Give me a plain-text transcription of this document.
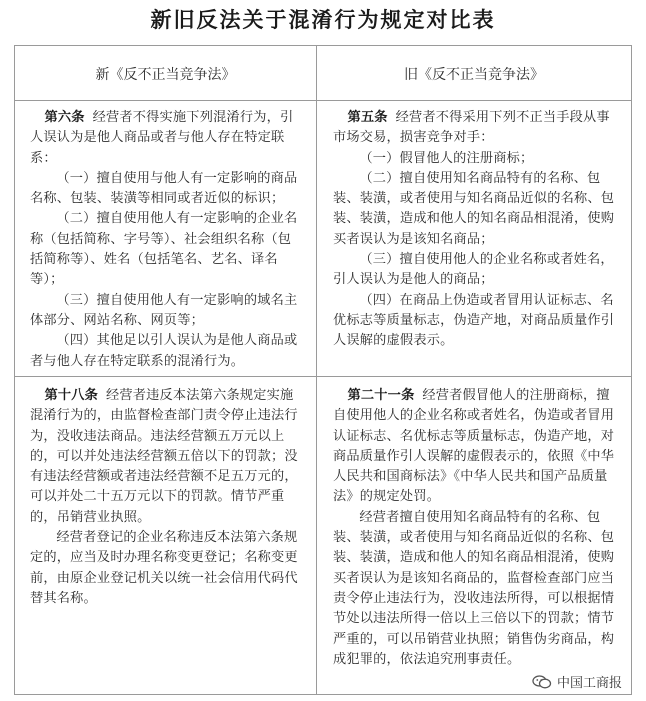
新旧反法关于混淆行为规定对比表
新《反不正当竞争法》	旧《反不正当竞争法》

第六条 经营者不得实施下列混淆行为，引人误认为是他人商品或者与他人存在特定联系：

（一）擅自使用与他人有一定影响的商品名称、包装、装潢等相同或者近似的标识；

（二）擅自使用他人有一定影响的企业名称（包括简称、字号等）、社会组织名称（包括简称等）、姓名（包括笔名、艺名、译名等）；

（三）擅自使用他人有一定影响的域名主体部分、网站名称、网页等；

（四）其他足以引人误认为是他人商品或者与他人存在特定联系的混淆行为。

第五条 经营者不得采用下列不正当手段从事市场交易，损害竞争对手：

（一）假冒他人的注册商标；

（二）擅自使用知名商品特有的名称、包装、装潢，或者使用与知名商品近似的名称、包装、装潢，造成和他人的知名商品相混淆，使购买者误认为是该知名商品；

（三）擅自使用他人的企业名称或者姓名，引人误认为是他人的商品；

（四）在商品上伪造或者冒用认证标志、名优标志等质量标志，伪造产地，对商品质量作引人误解的虚假表示。

第十八条 经营者违反本法第六条规定实施混淆行为的，由监督检查部门责令停止违法行为，没收违法商品。违法经营额五万元以上的，可以并处违法经营额五倍以下的罚款；没有违法经营额或者违法经营额不足五万元的，可以并处二十五万元以下的罚款。情节严重的，吊销营业执照。

经营者登记的企业名称违反本法第六条规定的，应当及时办理名称变更登记；名称变更前，由原企业登记机关以统一社会信用代码代替其名称。

第二十一条 经营者假冒他人的注册商标，擅自使用他人的企业名称或者姓名，伪造或者冒用认证标志、名优标志等质量标志，伪造产地，对商品质量作引人误解的虚假表示的，依照《中华人民共和国商标法》《中华人民共和国产品质量法》的规定处罚。

经营者擅自使用知名商品特有的名称、包装、装潢，或者使用与知名商品近似的名称、包装、装潢，造成和他人的知名商品相混淆，使购买者误认为是该知名商品的，监督检查部门应当责令停止违法行为，没收违法所得，可以根据情节处以违法所得一倍以上三倍以下的罚款；情节严重的，可以吊销营业执照；销售伪劣商品，构成犯罪的，依法追究刑事责任。

中国工商报
